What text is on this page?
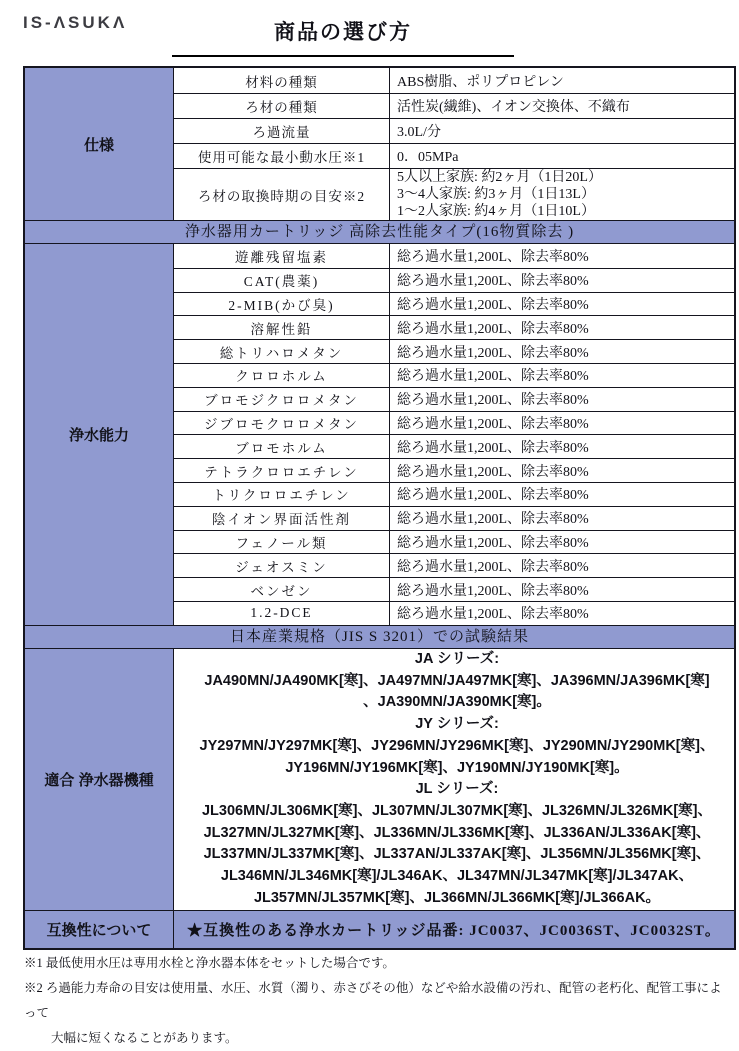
IS-ΛSUKΛ	商品の選び方
仕様
材料の種類	ABS樹脂、ポリプロピレン
ろ材の種類	活性炭(繊維)、イオン交換体、不織布
ろ過流量	3.0L/分
使用可能な最小動水圧※1	0．05MPa
ろ材の取換時期の目安※2
5人以上家族: 約2ヶ月（1日20L）
3〜4人家族: 約3ヶ月（1日13L）
1〜2人家族: 約4ヶ月（1日10L）
浄水器用カートリッジ 高除去性能タイプ(16物質除去 )
浄水能力
遊離残留塩素	総ろ過水量1,200L、除去率80%
CAT(農薬)	総ろ過水量1,200L、除去率80%
2-MIB(かび臭)	総ろ過水量1,200L、除去率80%
溶解性鉛	総ろ過水量1,200L、除去率80%
総トリハロメタン	総ろ過水量1,200L、除去率80%
クロロホルム	総ろ過水量1,200L、除去率80%
ブロモジクロロメタン	総ろ過水量1,200L、除去率80%
ジブロモクロロメタン	総ろ過水量1,200L、除去率80%
ブロモホルム	総ろ過水量1,200L、除去率80%
テトラクロロエチレン	総ろ過水量1,200L、除去率80%
トリクロロエチレン	総ろ過水量1,200L、除去率80%
陰イオン界面活性剤	総ろ過水量1,200L、除去率80%
フェノール類	総ろ過水量1,200L、除去率80%
ジェオスミン	総ろ過水量1,200L、除去率80%
ベンゼン	総ろ過水量1,200L、除去率80%
1.2-DCE	総ろ過水量1,200L、除去率80%
日本産業規格（JIS S 3201）での試験結果
適合 浄水器機種
JA シリーズ:
JA490MN/JA490MK[寒]、JA497MN/JA497MK[寒]、JA396MN/JA396MK[寒]
、JA390MN/JA390MK[寒]。
JY シリーズ:
JY297MN/JY297MK[寒]、JY296MN/JY296MK[寒]、JY290MN/JY290MK[寒]、
JY196MN/JY196MK[寒]、JY190MN/JY190MK[寒]。
JL シリーズ:
JL306MN/JL306MK[寒]、JL307MN/JL307MK[寒]、JL326MN/JL326MK[寒]、
JL327MN/JL327MK[寒]、JL336MN/JL336MK[寒]、JL336AN/JL336AK[寒]、
JL337MN/JL337MK[寒]、JL337AN/JL337AK[寒]、JL356MN/JL356MK[寒]、
JL346MN/JL346MK[寒]/JL346AK、JL347MN/JL347MK[寒]/JL347AK、
JL357MN/JL357MK[寒]、JL366MN/JL366MK[寒]/JL366AK。
互換性について	★互換性のある浄水カートリッジ品番: JC0037、JC0036ST、JC0032ST。
※1 最低使用水圧は専用水栓と浄水器本体をセットした場合です。
※2 ろ過能力寿命の目安は使用量、水圧、水質（濁り、赤さびその他）などや給水設備の汚れ、配管の老朽化、配管工事によって
大幅に短くなることがあります。
